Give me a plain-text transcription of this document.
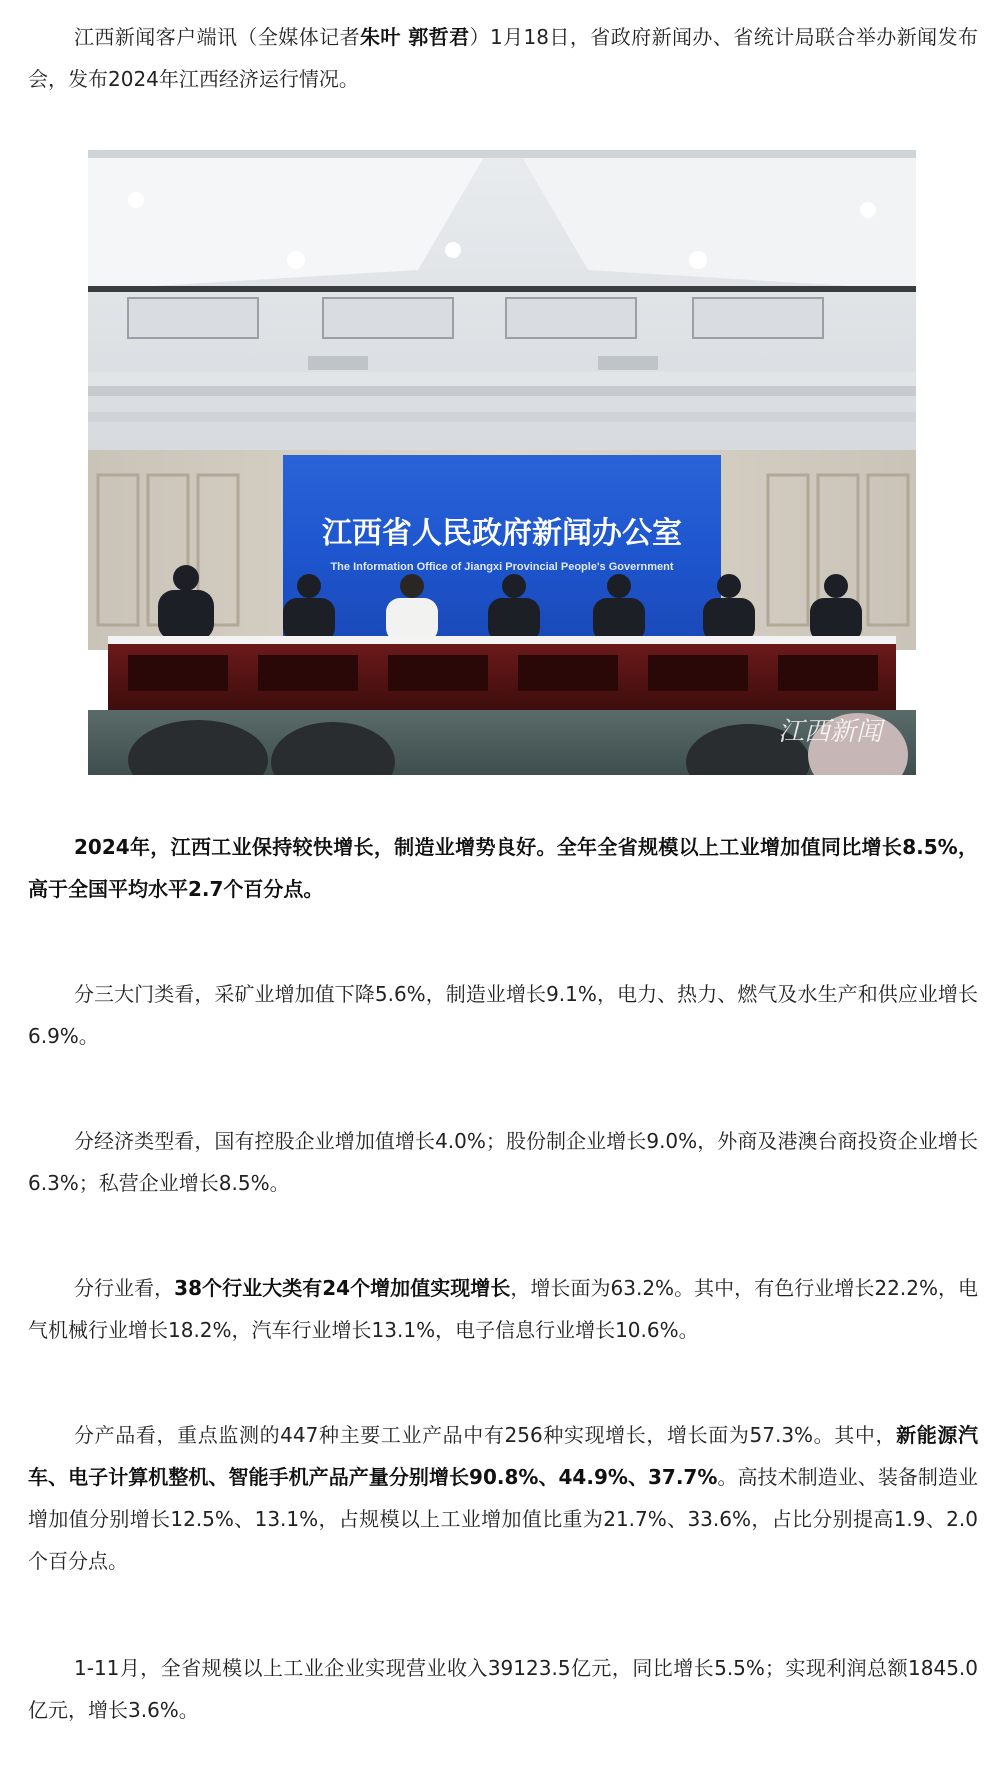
江西新闻客户端讯（全媒体记者朱叶 郭哲君）1月18日，省政府新闻办、省统计局联合举办新闻发布会，发布2024年江西经济运行情况。

江西省人民政府新闻办公室
The Information Office of Jiangxi Provincial People's Government
江西新闻

2024年，江西工业保持较快增长，制造业增势良好。全年全省规模以上工业增加值同比增长8.5%，高于全国平均水平2.7个百分点。

分三大门类看，采矿业增加值下降5.6%，制造业增长9.1%，电力、热力、燃气及水生产和供应业增长6.9%。

分经济类型看，国有控股企业增加值增长4.0%；股份制企业增长9.0%，外商及港澳台商投资企业增长6.3%；私营企业增长8.5%。

分行业看，38个行业大类有24个增加值实现增长，增长面为63.2%。其中，有色行业增长22.2%，电气机械行业增长18.2%，汽车行业增长13.1%，电子信息行业增长10.6%。

分产品看，重点监测的447种主要工业产品中有256种实现增长，增长面为57.3%。其中，新能源汽车、电子计算机整机、智能手机产品产量分别增长90.8%、44.9%、37.7%。高技术制造业、装备制造业增加值分别增长12.5%、13.1%，占规模以上工业增加值比重为21.7%、33.6%，占比分别提高1.9、2.0个百分点。

1-11月，全省规模以上工业企业实现营业收入39123.5亿元，同比增长5.5%；实现利润总额1845.0亿元，增长3.6%。
